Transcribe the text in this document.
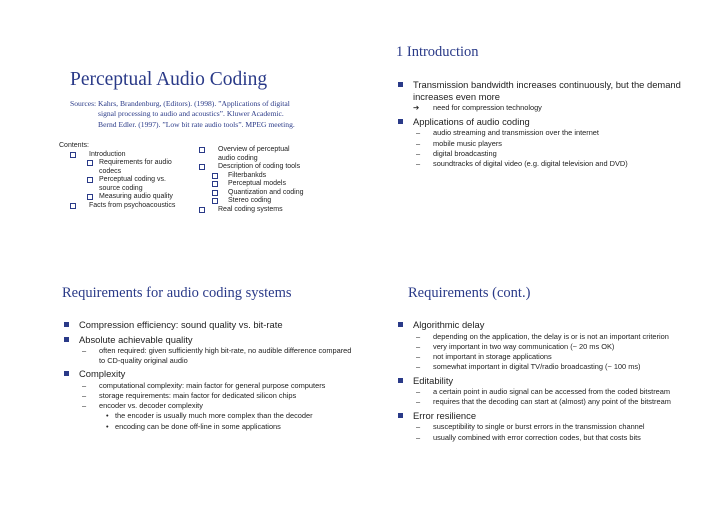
Perceptual Audio Coding
Sources: Kahrs, Brandenburg, (Editors). (1998). ”Applications of digital
signal processing to audio and acoustics”. Kluwer Academic.
Bernd Edler. (1997). ”Low bit rate audio tools”. MPEG meeting.
Contents:
Introduction
Requirements for audio codecs
Perceptual coding vs. source coding
Measuring audio quality
Facts from psychoacoustics
Overview of perceptual audio coding
Description of coding tools
Filterbankds
Perceptual models
Quantization and coding
Stereo coding
Real coding systems
1 Introduction
Transmission bandwidth increases continuously, but the demand increases even more
➔ need for compression technology
Applications of audio coding
– audio streaming and transmission over the internet
– mobile music players
– digital broadcasting
– soundtracks of digital video (e.g. digital television and DVD)
Requirements for audio coding systems
Compression efficiency: sound quality vs. bit-rate
Absolute achievable quality
– often required: given sufficiently high bit-rate, no audible difference compared to CD-quality original audio
Complexity
– computational complexity: main factor for general purpose computers
– storage requirements: main factor for dedicated silicon chips
– encoder vs. decoder complexity
• the encoder is usually much more complex than the decoder
• encoding can be done off-line in some applications
Requirements (cont.)
Algorithmic delay
– depending on the application, the delay is or is not an important criterion
– very important in two way communication (~ 20 ms OK)
– not important in storage applications
– somewhat important in digital TV/radio broadcasting (~ 100 ms)
Editability
– a certain point in audio signal can be accessed from the coded bitstream
– requires that the decoding can start at (almost) any point of the bitstream
Error resilience
– susceptibility to single or burst errors in the transmission channel
– usually combined with error correction codes, but that costs bits
